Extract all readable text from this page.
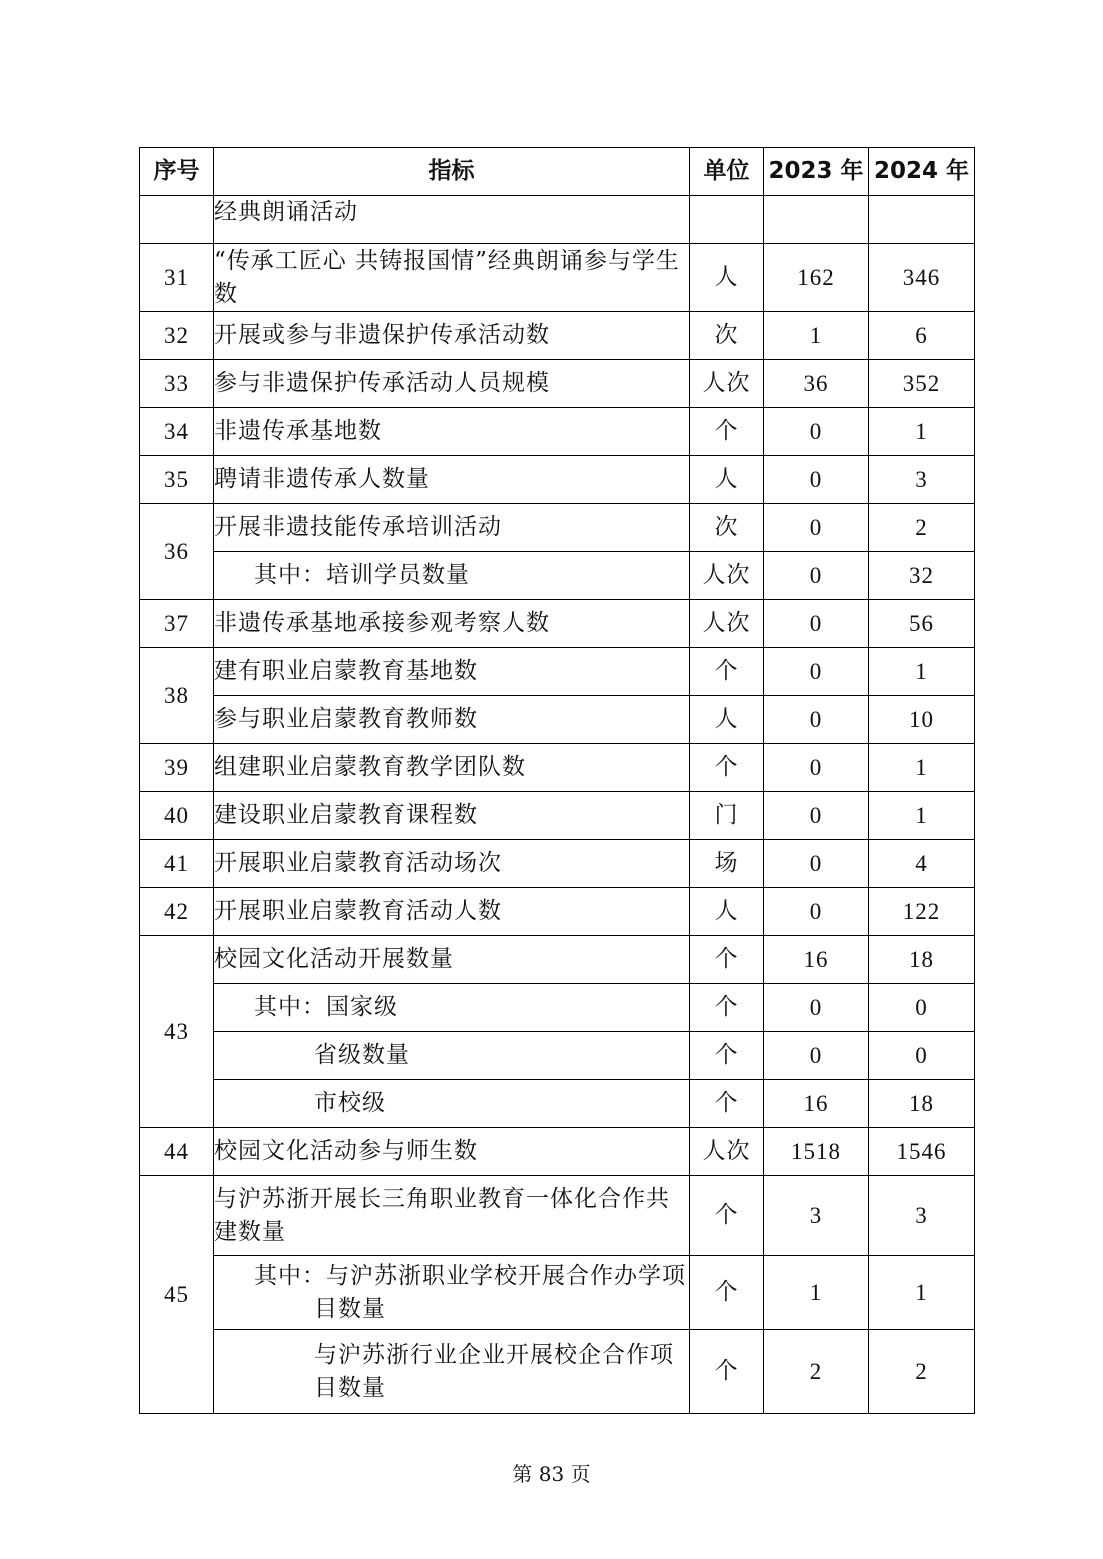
序号	指标	单位	2023 年	2024 年
	经典朗诵活动			
31	“传承工匠心 共铸报国情”经典朗诵参与学生数	人	162	346
32	开展或参与非遗保护传承活动数	次	1	6
33	参与非遗保护传承活动人员规模	人次	36	352
34	非遗传承基地数	个	0	1
35	聘请非遗传承人数量	人	0	3
36	开展非遗技能传承培训活动	次	0	2
	其中：培训学员数量	人次	0	32
37	非遗传承基地承接参观考察人数	人次	0	56
38	建有职业启蒙教育基地数	个	0	1
	参与职业启蒙教育教师数	人	0	10
39	组建职业启蒙教育教学团队数	个	0	1
40	建设职业启蒙教育课程数	门	0	1
41	开展职业启蒙教育活动场次	场	0	4
42	开展职业启蒙教育活动人数	人	0	122
43	校园文化活动开展数量	个	16	18
	其中：国家级	个	0	0
	省级数量	个	0	0
	市校级	个	16	18
44	校园文化活动参与师生数	人次	1518	1546
45	与沪苏浙开展长三角职业教育一体化合作共建数量	个	3	3

	其中：与沪苏浙职业学校开展合作办学项目数量	个	1	1
	与沪苏浙行业企业开展校企合作项目数量	个	2	2
第 83 页
